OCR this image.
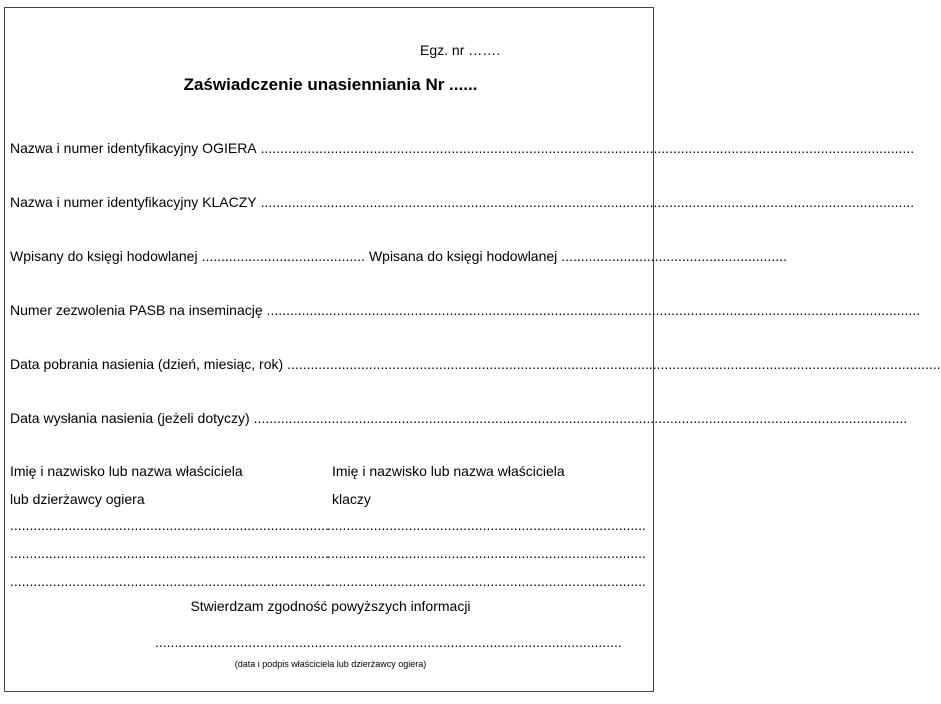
Egz. nr …….
Zaświadczenie unasienniania Nr ......
Nazwa i numer identyfikacyjny OGIERA ........................................................................................................................................................................
Nazwa i numer identyfikacyjny KLACZY ........................................................................................................................................................................
Wpisany do księgi hodowlanej .......................................... Wpisana do księgi hodowlanej ..........................................................
Numer zezwolenia PASB na inseminację ........................................................................................................................................................................
Data pobrania nasienia (dzień, miesiąc, rok) ........................................................................................................................................................................
Data wysłania nasienia (jeżeli dotyczy) ........................................................................................................................................................................
Imię i nazwisko lub nazwa właściciela
lub dzierżawcy ogiera
Imię i nazwisko lub nazwa właściciela
klaczy
..................................................................................
..................................................................................
..................................................................................
..................................................................................
..................................................................................
..................................................................................
Stwierdzam zgodność powyższych informacji
........................................................................................................................
(data i podpis właściciela lub dzierżawcy ogiera)
